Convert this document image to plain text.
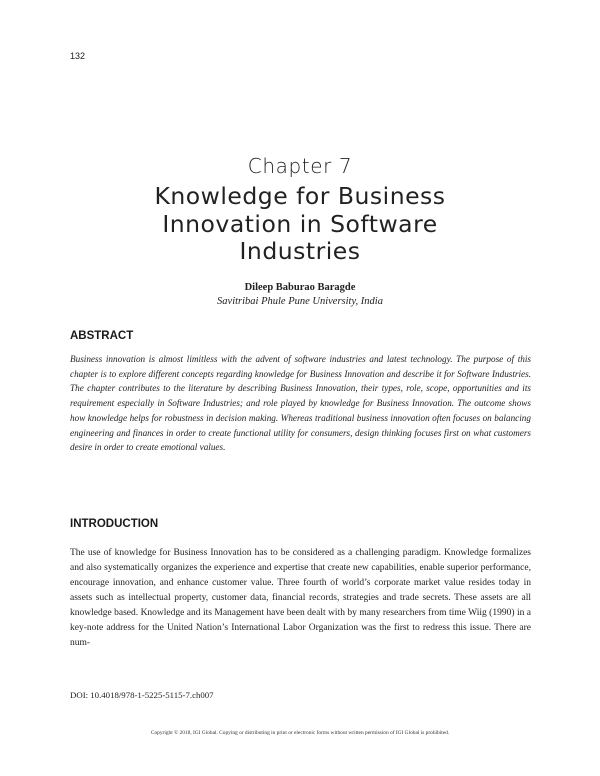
132
Chapter 7
Knowledge for Business Innovation in Software Industries
Dileep Baburao Baragde
Savitribai Phule Pune University, India
ABSTRACT

Business innovation is almost limitless with the advent of software industries and latest technology. The purpose of this chapter is to explore different concepts regarding knowledge for Business Innovation and describe it for Software Industries. The chapter contributes to the literature by describing Business Innovation, their types, role, scope, opportunities and its requirement especially in Software Industries; and role played by knowledge for Business Innovation. The outcome shows how knowledge helps for robustness in decision making. Whereas traditional business innovation often focuses on balancing engineering and finances in order to create functional utility for consumers, design thinking focuses first on what customers desire in order to create emotional values.

INTRODUCTION

The use of knowledge for Business Innovation has to be considered as a challenging paradigm. Knowledge formalizes and also systematically organizes the experience and expertise that create new capabilities, enable superior performance, encourage innovation, and enhance customer value. Three fourth of world’s corporate market value resides today in assets such as intellectual property, customer data, financial records, strategies and trade secrets. These assets are all knowledge based. Knowledge and its Management have been dealt with by many researchers from time Wiig (1990) in a key-note address for the United Nation’s International Labor Organization was the first to redress this issue. There are num-

DOI: 10.4018/978-1-5225-5115-7.ch007
Copyright © 2018, IGI Global. Copying or distributing in print or electronic forms without written permission of IGI Global is prohibited.
